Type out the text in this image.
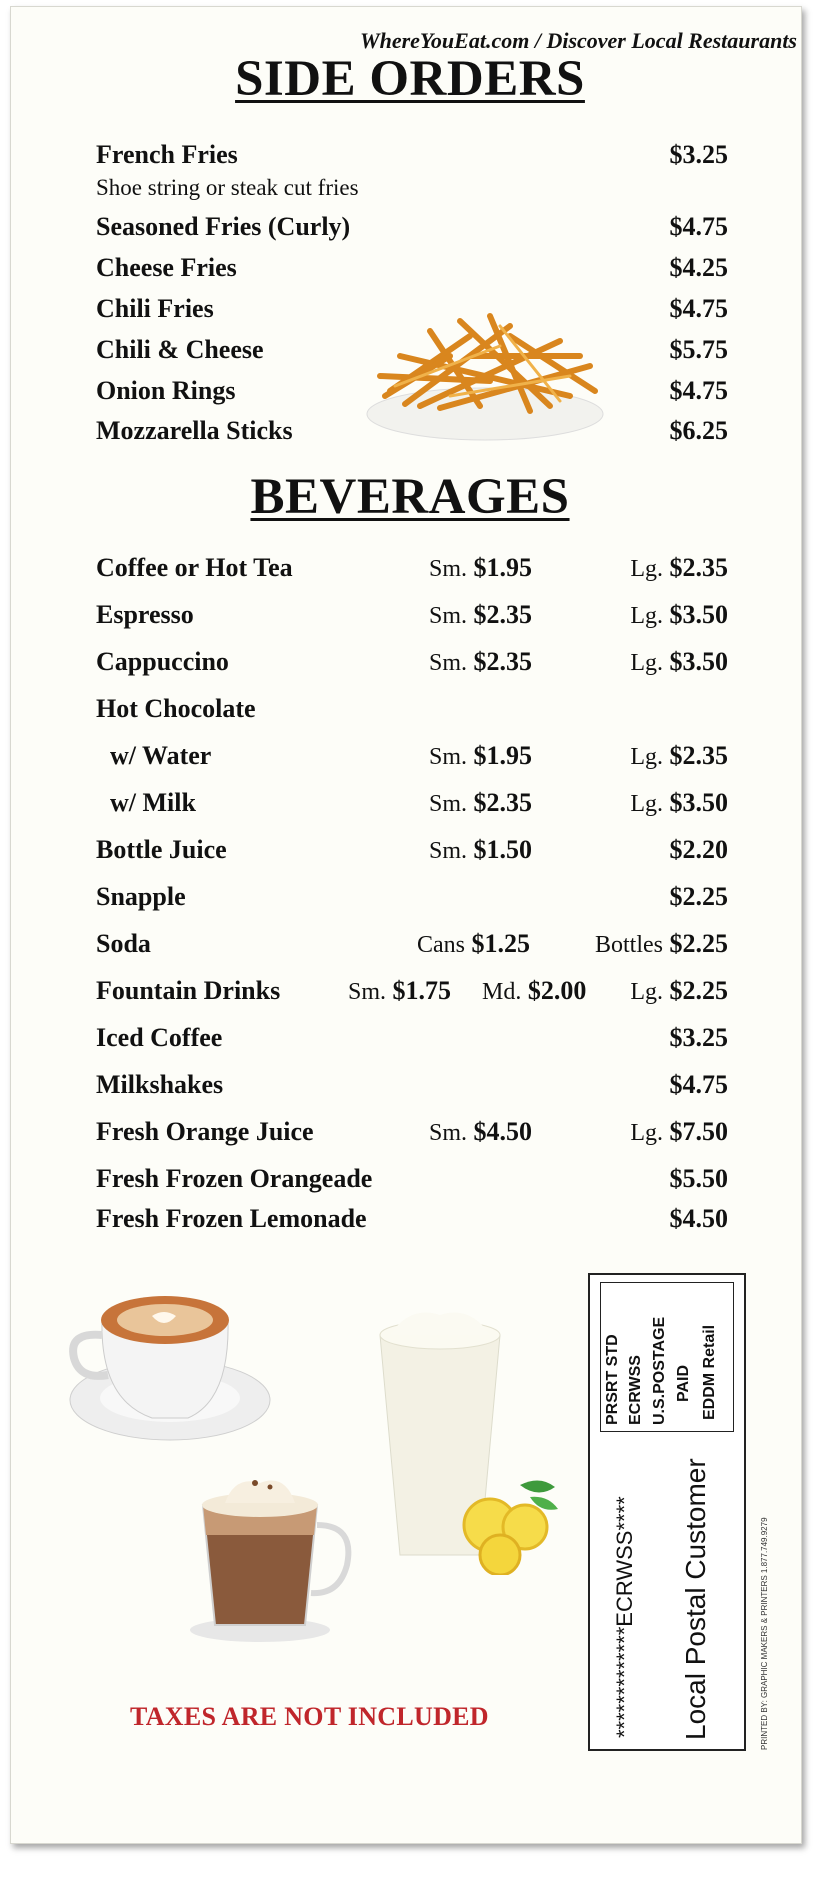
WhereYouEat.com / Discover Local Restaurants
SIDE ORDERS
French Fries	$3.25
Shoe string or steak cut fries
Seasoned Fries (Curly)	$4.75
Cheese Fries	$4.25
Chili Fries	$4.75
Chili & Cheese	$5.75
Onion Rings	$4.75
Mozzarella Sticks	$6.25
BEVERAGES
Coffee or Hot Tea	Sm. $1.95	Lg. $2.35
Espresso	Sm. $2.35	Lg. $3.50
Cappuccino	Sm. $2.35	Lg. $3.50
Hot Chocolate
w/ Water	Sm. $1.95	Lg. $2.35
w/ Milk	Sm. $2.35	Lg. $3.50
Bottle Juice	Sm. $1.50	$2.20
Snapple	$2.25
Soda	Cans $1.25	Bottles $2.25
Fountain Drinks	Sm. $1.75 Md. $2.00 Lg. $2.25
Iced Coffee	$3.25
Milkshakes	$4.75
Fresh Orange Juice	Sm. $4.50	Lg. $7.50
Fresh Frozen Orangeade	$5.50
Fresh Frozen Lemonade	$4.50
PRSRT STD ECRWSS U.S.POSTAGE PAID EDDM Retail
*************ECRWSS**** Local Postal Customer	PRINTED BY: GRAPHIC MAKERS & PRINTERS 1.877.749.9279
TAXES ARE NOT INCLUDED
